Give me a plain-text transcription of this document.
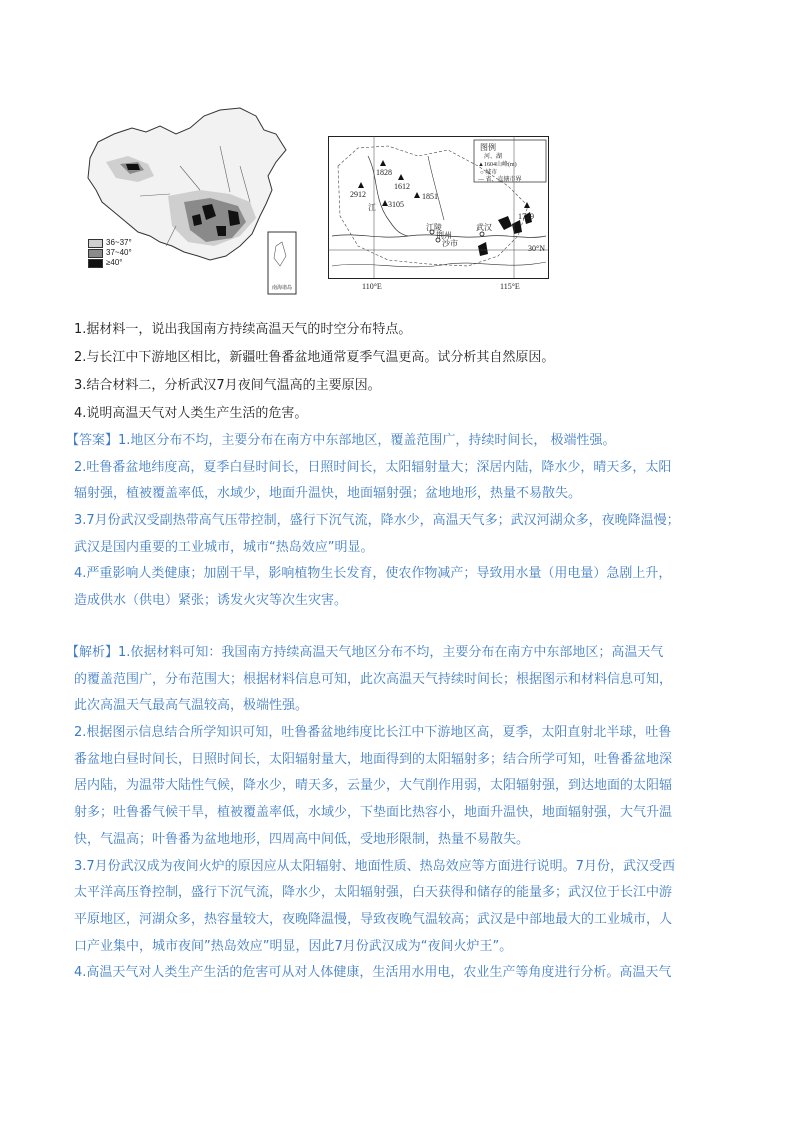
36~37°
37~40°
≥40°
南海诸岛
图例
河、湖
▲1604山峰(m)
○ 城市
— 省、直辖市界
1828
1612
2912	1851
3105
1729
江陵
荆州
沙市
武汉
江
30°N
110°E	115°E
1.据材料一，说出我国南方持续高温天气的时空分布特点。
2.与长江中下游地区相比，新疆吐鲁番盆地通常夏季气温更高。试分析其自然原因。
3.结合材料二，分析武汉7月夜间气温高的主要原因。
4.说明高温天气对人类生产生活的危害。
【答案】1.地区分布不均，主要分布在南方中东部地区，覆盖范围广，持续时间长， 极端性强。
2.吐鲁番盆地纬度高，夏季白昼时间长，日照时间长，太阳辐射量大；深居内陆，降水少，晴天多，太阳
辐射强，植被覆盖率低，水域少，地面升温快，地面辐射强；盆地地形，热量不易散失。
3.7月份武汉受副热带高气压带控制，盛行下沉气流，降水少，高温天气多；武汉河湖众多，夜晚降温慢；
武汉是国内重要的工业城市，城市“热岛效应”明显。
4.严重影响人类健康；加剧干旱，影响植物生长发育，使农作物减产；导致用水量（用电量）急剧上升，
造成供水（供电）紧张；诱发火灾等次生灾害。
【解析】1.依据材料可知：我国南方持续高温天气地区分布不均，主要分布在南方中东部地区；高温天气
的覆盖范围广，分布范围大；根据材料信息可知，此次高温天气持续时间长；根据图示和材料信息可知，
此次高温天气最高气温较高，极端性强。
2.根据图示信息结合所学知识可知，吐鲁番盆地纬度比长江中下游地区高，夏季，太阳直射北半球，吐鲁
番盆地白昼时间长，日照时间长，太阳辐射量大，地面得到的太阳辐射多；结合所学可知，吐鲁番盆地深
居内陆，为温带大陆性气候，降水少，晴天多，云量少，大气削作用弱，太阳辐射强，到达地面的太阳辐
射多；吐鲁番气候干旱，植被覆盖率低，水域少，下垫面比热容小，地面升温快，地面辐射强，大气升温
快，气温高；叶鲁番为盆地地形，四周高中间低，受地形限制，热量不易散失。
3.7月份武汉成为夜间火炉的原因应从太阳辐射、地面性质、热岛效应等方面进行说明。7月份，武汉受西
太平洋高压脊控制，盛行下沉气流，降水少，太阳辐射强，白天获得和储存的能量多；武汉位于长江中游
平原地区，河湖众多，热容量较大，夜晚降温慢，导致夜晚气温较高；武汉是中部地最大的工业城市，人
口产业集中，城市夜间”热岛效应”明显，因此7月份武汉成为“夜间火炉王”。
4.高温天气对人类生产生活的危害可从对人体健康，生活用水用电，农业生产等角度进行分析。高温天气
